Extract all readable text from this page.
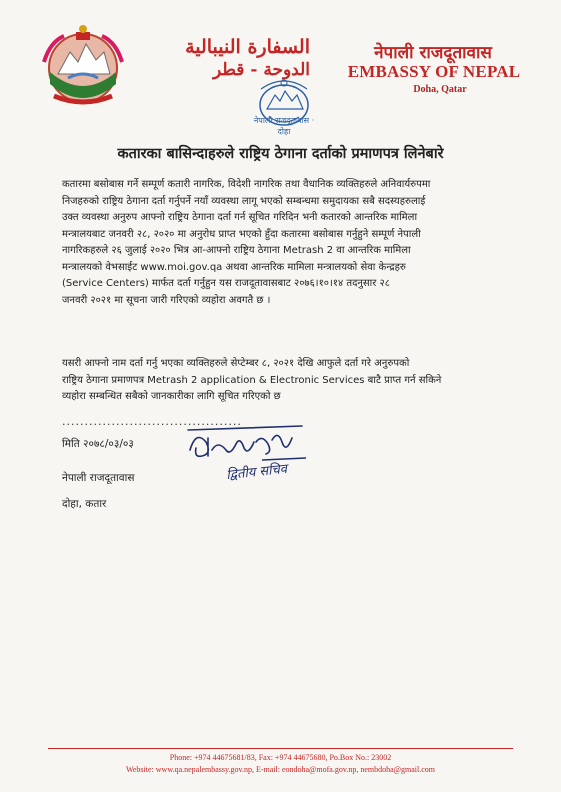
السفارة النيبالية
الدوحة - قطر
नेपाली राजदूतावास
EMBASSY OF NEPAL
Doha, Qatar
नेपाली राजदूतावास · दोहा
कतारका बासिन्दाहरुले राष्ट्रिय ठेगाना दर्ताको प्रमाणपत्र लिनेबारे
कतारमा बसोबास गर्ने सम्पूर्ण कतारी नागरिक, विदेशी नागरिक तथा वैधानिक व्यक्तिहरुले अनिवार्यरुपमा
निजहरुको राष्ट्रिय ठेगाना दर्ता गर्नुपर्ने नयाँ व्यवस्था लागू भएको सम्बन्धमा समुदायका सबै सदस्यहरुलाई
उक्त व्यवस्था अनुरुप आफ्नो राष्ट्रिय ठेगाना दर्ता गर्न सूचित गरिदिन भनी कतारको आन्तरिक मामिला
मन्त्रालयबाट जनवरी २८, २०२० मा अनुरोध प्राप्त भएको हुँदा कतारमा बसोबास गर्नुहुने सम्पूर्ण नेपाली
नागरिकहरुले २६ जुलाई २०२० भित्र आ-आफ्नो राष्ट्रिय ठेगाना Metrash 2 वा आन्तरिक मामिला
मन्त्रालयको वेभसाईट www.moi.gov.qa अथवा आन्तरिक मामिला मन्त्रालयको सेवा केन्द्रहरु
(Service Centers) मार्फत दर्ता गर्नुहुन यस राजदूतावासबाट २०७६।१०।१४ तदनुसार २८
जनवरी २०२१ मा सूचना जारी गरिएको व्यहोरा अवगतै छ ।
यसरी आफ्नो नाम दर्ता गर्नु भएका व्यक्तिहरुले सेप्टेम्बर ८, २०२१ देखि आफुले दर्ता गरे अनुरुपको
राष्ट्रिय ठेगाना प्रमाणपत्र Metrash 2 application & Electronic Services बाटै प्राप्त गर्न सकिने
व्यहोरा सम्बन्धित सबैको जानकारीका लागि सूचित गरिएको छ
........................................
मिति २०७८/०३/०३
नेपाली राजदूतावास
दोहा, कतार
द्वितीय सचिव
Phone: +974 44675681/83, Fax: +974 44675680, Po.Box No.: 23002
Website: www.qa.nepalembassy.gov.np, E-mail: eondoha@mofa.gov.np, nembdoha@gmail.com
